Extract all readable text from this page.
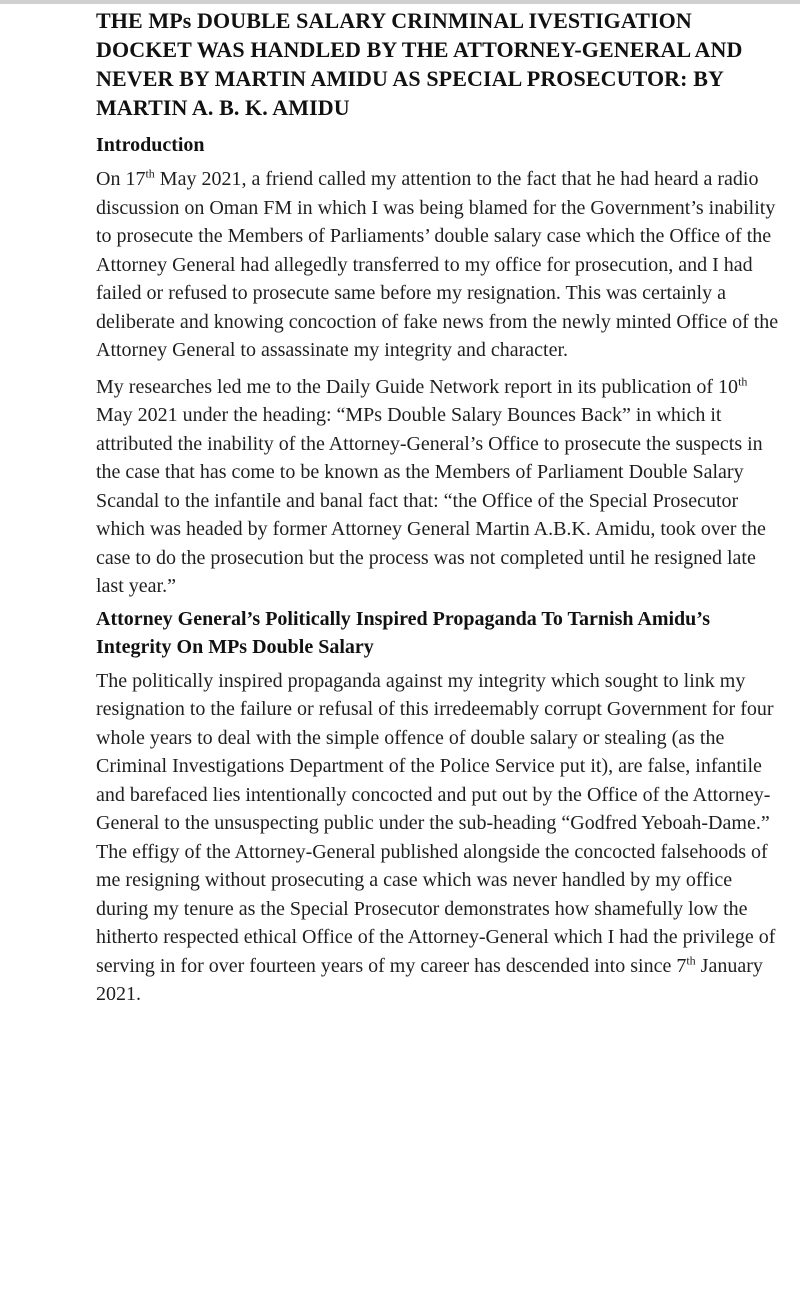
THE MPs DOUBLE SALARY CRINMINAL IVESTIGATION DOCKET WAS HANDLED BY THE ATTORNEY-GENERAL AND NEVER BY MARTIN AMIDU AS SPECIAL PROSECUTOR: BY MARTIN A. B. K. AMIDU
Introduction

On 17th May 2021, a friend called my attention to the fact that he had heard a radio discussion on Oman FM in which I was being blamed for the Government’s inability to prosecute the Members of Parliaments’ double salary case which the Office of the Attorney General had allegedly transferred to my office for prosecution, and I had failed or refused to prosecute same before my resignation. This was certainly a deliberate and knowing concoction of fake news from the newly minted Office of the Attorney General to assassinate my integrity and character.

My researches led me to the Daily Guide Network report in its publication of 10th May 2021 under the heading: “MPs Double Salary Bounces Back” in which it attributed the inability of the Attorney-General’s Office to prosecute the suspects in the case that has come to be known as the Members of Parliament Double Salary Scandal to the infantile and banal fact that: “the Office of the Special Prosecutor which was headed by former Attorney General Martin A.B.K. Amidu, took over the case to do the prosecution but the process was not completed until he resigned late last year.”

Attorney General’s Politically Inspired Propaganda To Tarnish Amidu’s Integrity On MPs Double Salary

The politically inspired propaganda against my integrity which sought to link my resignation to the failure or refusal of this irredeemably corrupt Government for four whole years to deal with the simple offence of double salary or stealing (as the Criminal Investigations Department of the Police Service put it), are false, infantile and barefaced lies intentionally concocted and put out by the Office of the Attorney-General to the unsuspecting public under the sub-heading “Godfred Yeboah-Dame.” The effigy of the Attorney-General published alongside the concocted falsehoods of me resigning without prosecuting a case which was never handled by my office during my tenure as the Special Prosecutor demonstrates how shamefully low the hitherto respected ethical Office of the Attorney-General which I had the privilege of serving in for over fourteen years of my career has descended into since 7th January 2021.
